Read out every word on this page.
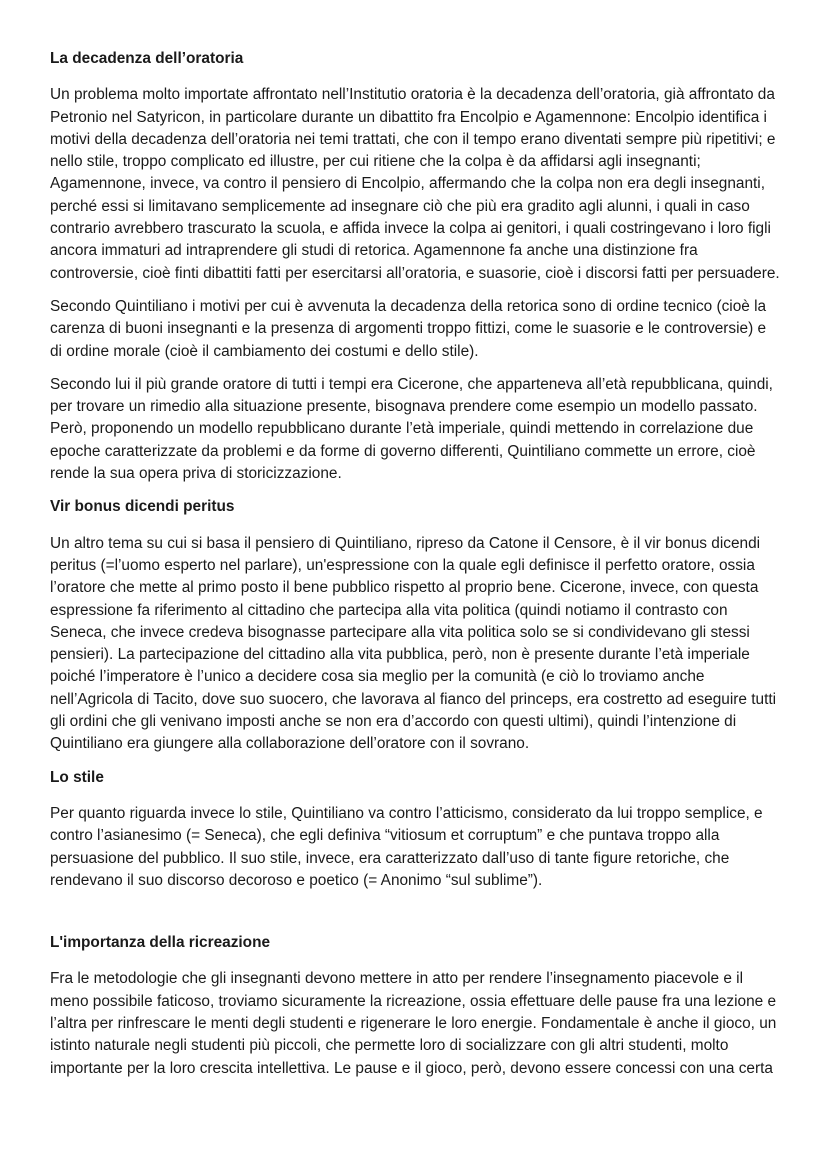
La decadenza dell’oratoria

Un problema molto importate affrontato nell’Institutio oratoria è la decadenza dell’oratoria, già affrontato da Petronio nel Satyricon, in particolare durante un dibattito fra Encolpio e Agamennone: Encolpio identifica i motivi della decadenza dell’oratoria nei temi trattati, che con il tempo erano diventati sempre più ripetitivi; e nello stile, troppo complicato ed illustre, per cui ritiene che la colpa è da affidarsi agli insegnanti; Agamennone, invece, va contro il pensiero di Encolpio, affermando che la colpa non era degli insegnanti, perché essi si limitavano semplicemente ad insegnare ciò che più era gradito agli alunni, i quali in caso contrario avrebbero trascurato la scuola, e affida invece la colpa ai genitori, i quali costringevano i loro figli ancora immaturi ad intraprendere gli studi di retorica. Agamennone fa anche una distinzione fra controversie, cioè finti dibattiti fatti per esercitarsi all’oratoria, e suasorie, cioè i discorsi fatti per persuadere.

Secondo Quintiliano i motivi per cui è avvenuta la decadenza della retorica sono di ordine tecnico (cioè la carenza di buoni insegnanti e la presenza di argomenti troppo fittizi, come le suasorie e le controversie) e di ordine morale (cioè il cambiamento dei costumi e dello stile).

Secondo lui il più grande oratore di tutti i tempi era Cicerone, che apparteneva all’età repubblicana, quindi, per trovare un rimedio alla situazione presente, bisognava prendere come esempio un modello passato. Però, proponendo un modello repubblicano durante l’età imperiale, quindi mettendo in correlazione due epoche caratterizzate da problemi e da forme di governo differenti, Quintiliano commette un errore, cioè rende la sua opera priva di storicizzazione.

Vir bonus dicendi peritus

Un altro tema su cui si basa il pensiero di Quintiliano, ripreso da Catone il Censore, è il vir bonus dicendi peritus (=l’uomo esperto nel parlare), un'espressione con la quale egli definisce il perfetto oratore, ossia l’oratore che mette al primo posto il bene pubblico rispetto al proprio bene. Cicerone, invece, con questa espressione fa riferimento al cittadino che partecipa alla vita politica (quindi notiamo il contrasto con Seneca, che invece credeva bisognasse partecipare alla vita politica solo se si condividevano gli stessi pensieri). La partecipazione del cittadino alla vita pubblica, però, non è presente durante l’età imperiale poiché l’imperatore è l’unico a decidere cosa sia meglio per la comunità (e ciò lo troviamo anche nell’Agricola di Tacito, dove suo suocero, che lavorava al fianco del princeps, era costretto ad eseguire tutti gli ordini che gli venivano imposti anche se non era d’accordo con questi ultimi), quindi l’intenzione di Quintiliano era giungere alla collaborazione dell’oratore con il sovrano.

Lo stile

Per quanto riguarda invece lo stile, Quintiliano va contro l’atticismo, considerato da lui troppo semplice, e contro l’asianesimo (= Seneca), che egli definiva “vitiosum et corruptum” e che puntava troppo alla persuasione del pubblico. Il suo stile, invece, era caratterizzato dall’uso di tante figure retoriche, che rendevano il suo discorso decoroso e poetico (= Anonimo “sul sublime”).

L'importanza della ricreazione

Fra le metodologie che gli insegnanti devono mettere in atto per rendere l’insegnamento piacevole e il meno possibile faticoso, troviamo sicuramente la ricreazione, ossia effettuare delle pause fra una lezione e l’altra per rinfrescare le menti degli studenti e rigenerare le loro energie. Fondamentale è anche il gioco, un istinto naturale negli studenti più piccoli, che permette loro di socializzare con gli altri studenti, molto importante per la loro crescita intellettiva. Le pause e il gioco, però, devono essere concessi con una certa
